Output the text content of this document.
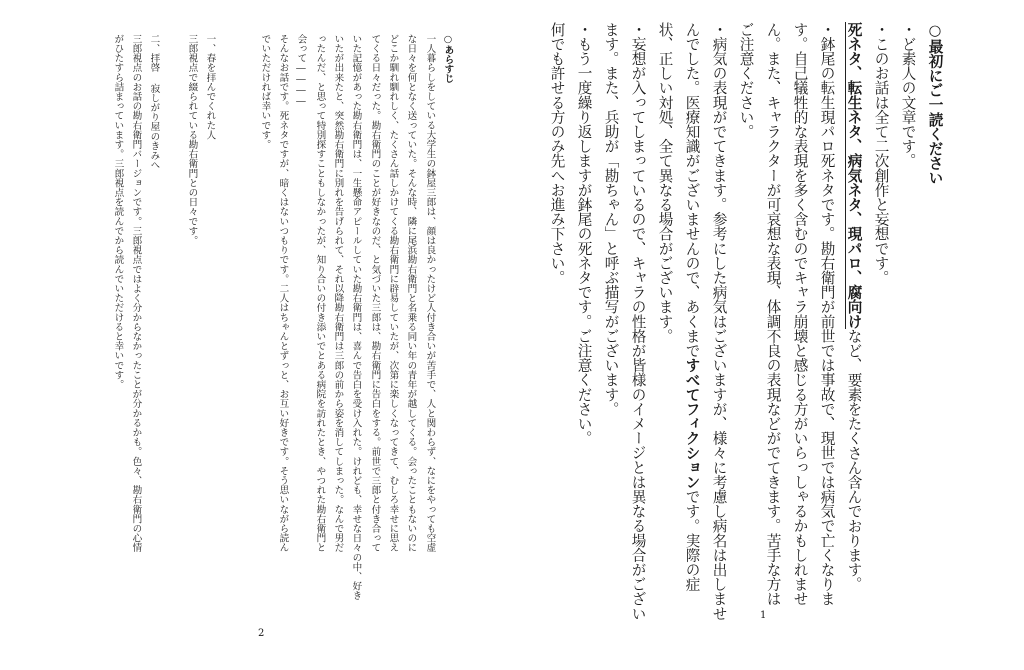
○あらすじ
一人暮らしをしている大学生の鉢屋三郎は、顔は良かったけど人付き合いが苦手で、人と関わらず、なにをやっても空虚
な日々を何となく送っていた。そんな時、隣に尾浜勘右衛門と名乗る同い年の青年が越してくる。会ったこともないのに
どこか馴れ馴れしく、たくさん話しかけてくる勘右衛門に辟易していたが、次第に楽しくなってきて、むしろ幸せに思え
てくる日々だった。勘右衛門のことが好きなのだ、と気づいた三郎は、勘右衛門に告白をする。前世で三郎と付き合って
いた記憶があった勘右衛門は、一生懸命アピールしていた勘右衛門は、喜んで告白を受け入れた。けれども、幸せな日々の中、好き
いたが出来たと、突然勘右衛門に別れを告げられて、それ以降勘右衛門は三郎の前から姿を消してしまった。なんで男だ
ったんだ、と思って特別探すこともしなかったが、知り合いの付き添いでとある病院を訪れたとき、やつれた勘右衛門と
会って――――
そんなお話です。死ネタですが、暗くはないつもりです。二人はちゃんとずっと、お互い好きです。そう思いながら読ん
でいただければ幸いです。
一、春を拝んでくれた人
三郎視点で綴られている勘右衛門との日々です。
二、拝啓 寂しがり屋のきみへ
三郎視点のお話の勘右衛門バージョンです。三郎視点ではよく分からなかったことが分かるかも。色々、勘右衛門の心情
がひたすら詰まっています。三郎視点を読んでから読んでいただけると幸いです。
2
○最初にご一読ください
・ど素人の文章です。
・このお話は全て二次創作と妄想です。
死ネタ、転生ネタ、病気ネタ、現パロ、腐向けなど、要素をたくさん含んでおります。
・鉢尾の転生現パロ死ネタです。勘右衛門が前世では事故で、現世では病気で亡くなりま
す。自己犠牲的な表現を多く含むのでキャラ崩壊と感じる方がいらっしゃるかもしれませ
ん。また、キャラクターが可哀想な表現、体調不良の表現などがでてきます。苦手な方は
ご注意ください。
・病気の表現がでてきます。参考にした病気はございますが、様々に考慮し病名は出しませ
んでした。医療知識がございませんので、あくまですべてフィクションです。実際の症
状、正しい対処、全て異なる場合がございます。
・妄想が入ってしまっているので、キャラの性格が皆様のイメージとは異なる場合がござい
ます。また、兵助が「勘ちゃん」と呼ぶ描写がございます。
・もう一度繰り返しますが鉢尾の死ネタです。ご注意ください。
何でも許せる方のみ先へお進み下さい。
1
